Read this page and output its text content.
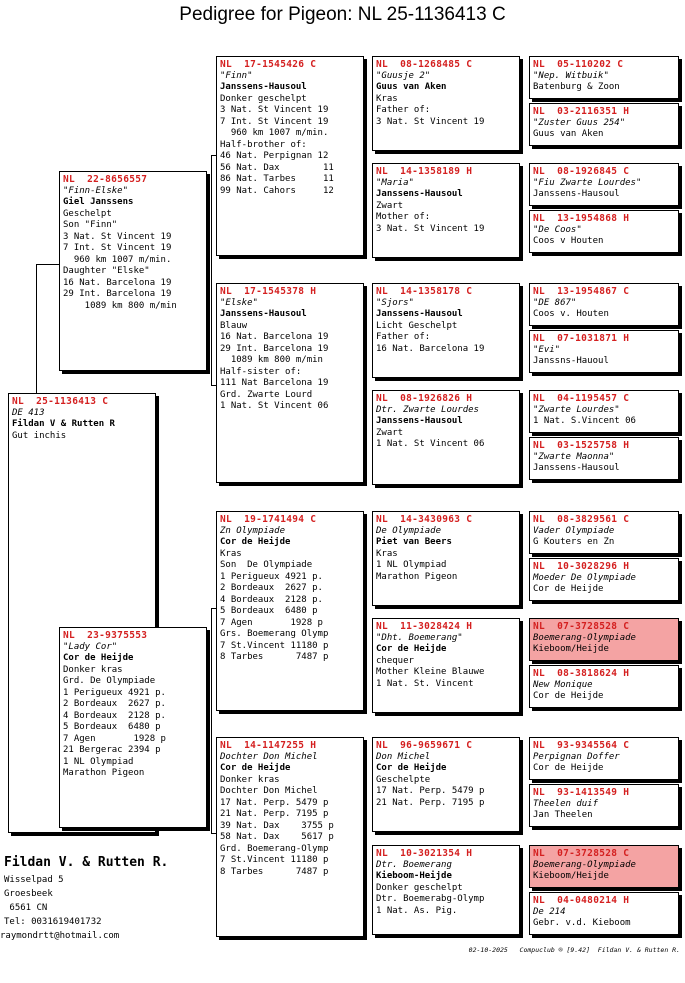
Pedigree for Pigeon: NL 25-1136413 C
NL  25-1136413 C
DE 413
Fildan V & Rutten R
Gut inchis
NL  22-8656557
"Finn-Elske"
Giel Janssens
Geschelpt
Son "Finn"
3 Nat. St Vincent 19
7 Int. St Vincent 19
960 km 1007 m/min.
Daughter "Elske"
16 Nat. Barcelona 19
29 Int. Barcelona 19
1089 km 800 m/min
NL  23-9375553
"Lady Cor"
Cor de Heijde
Donker kras
Grd. De Olympiade
1 Perigueux 4921 p.
2 Bordeaux  2627 p.
4 Bordeaux  2128 p.
5 Bordeaux  6480 p
7 Agen       1928 p
21 Bergerac 2394 p
1 NL Olympiad
Marathon Pigeon
NL  17-1545426 C
"Finn"
Janssens-Hausoul
Donker geschelpt
3 Nat. St Vincent 19
7 Int. St Vincent 19
960 km 1007 m/min.
Half-brother of:
46 Nat. Perpignan 12
56 Nat. Dax        11
86 Nat. Tarbes     11
99 Nat. Cahors     12
NL  17-1545378 H
"Elske"
Janssens-Hausoul
Blauw
16 Nat. Barcelona 19
29 Int. Barcelona 19
1089 km 800 m/min
Half-sister of:
111 Nat Barcelona 19
Grd. Zwarte Lourd
1 Nat. St Vincent 06
NL  19-1741494 C
Zn Olympiade
Cor de Heijde
Kras
Son  De Olympiade
1 Perigueux 4921 p.
2 Bordeaux  2627 p.
4 Bordeaux  2128 p.
5 Bordeaux  6480 p
7 Agen       1928 p
Grs. Boemerang Olymp
7 St.Vincent 11180 p
8 Tarbes      7487 p
NL  14-1147255 H
Dochter Don Michel
Cor de Heijde
Donker kras
Dochter Don Michel
17 Nat. Perp. 5479 p
21 Nat. Perp. 7195 p
39 Nat. Dax    3755 p
58 Nat. Dax    5617 p
Grd. Boemerang-Olymp
7 St.Vincent 11180 p
8 Tarbes      7487 p
NL  08-1268485 C
"Guusje 2"
Guus van Aken
Kras
Father of:
3 Nat. St Vincent 19
NL  14-1358189 H
"Maria"
Janssens-Hausoul
Zwart
Mother of:
3 Nat. St Vincent 19
NL  14-1358178 C
"Sjors"
Janssens-Hausoul
Licht Geschelpt
Father of:
16 Nat. Barcelona 19
NL  08-1926826 H
Dtr. Zwarte Lourdes
Janssens-Hausoul
Zwart
1 Nat. St Vincent 06
NL  14-3430963 C
De Olympiade
Piet van Beers
Kras
1 NL Olympiad
Marathon Pigeon
NL  11-3028424 H
"Dht. Boemerang"
Cor de Heijde
chequer
Mother Kleine Blauwe
1 Nat. St. Vincent
NL  96-9659671 C
Don Michel
Cor de Heijde
Geschelpte
17 Nat. Perp. 5479 p
21 Nat. Perp. 7195 p
NL  10-3021354 H
Dtr. Boemerang
Kieboom-Heijde
Donker geschelpt
Dtr. Boemerabg-Olymp
1 Nat. As. Pig.
NL  05-110202 C
"Nep. Witbuik"
Batenburg & Zoon
NL  03-2116351 H
"Zuster Guus 254"
Guus van Aken
NL  08-1926845 C
"Fiu Zwarte Lourdes"
Janssens-Hausoul
NL  13-1954868 H
"De Coos"
Coos v Houten
NL  13-1954867 C
"DE 867"
Coos v. Houten
NL  07-1031871 H
"Evi"
Janssns-Hauoul
NL  04-1195457 C
"Zwarte Lourdes"
1 Nat. S.Vincent 06
NL  03-1525758 H
"Zwarte Maonna"
Janssens-Hausoul
NL  08-3829561 C
Vader Olympiade
G Kouters en Zn
NL  10-3028296 H
Moeder De Olympiade
Cor de Heijde
NL  07-3728528 C
Boemerang-Olympiade
Kieboom/Heijde
NL  08-3818624 H
New Monique
Cor de Heijde
NL  93-9345564 C
Perpignan Doffer
Cor de Heijde
NL  93-1413549 H
Theelen duif
Jan Theelen
NL  07-3728528 C
Boemerang-Olympiade
Kieboom/Heijde
NL  04-0480214 H
De 214
Gebr. v.d. Kieboom
Fildan V. & Rutten R.
Wisselpad 5
Groesbeek
6561 CN
Tel: 0031619401732
raymondrtt@hotmail.com
02-10-2025   Compuclub ® [9.42]  Fildan V. & Rutten R.
